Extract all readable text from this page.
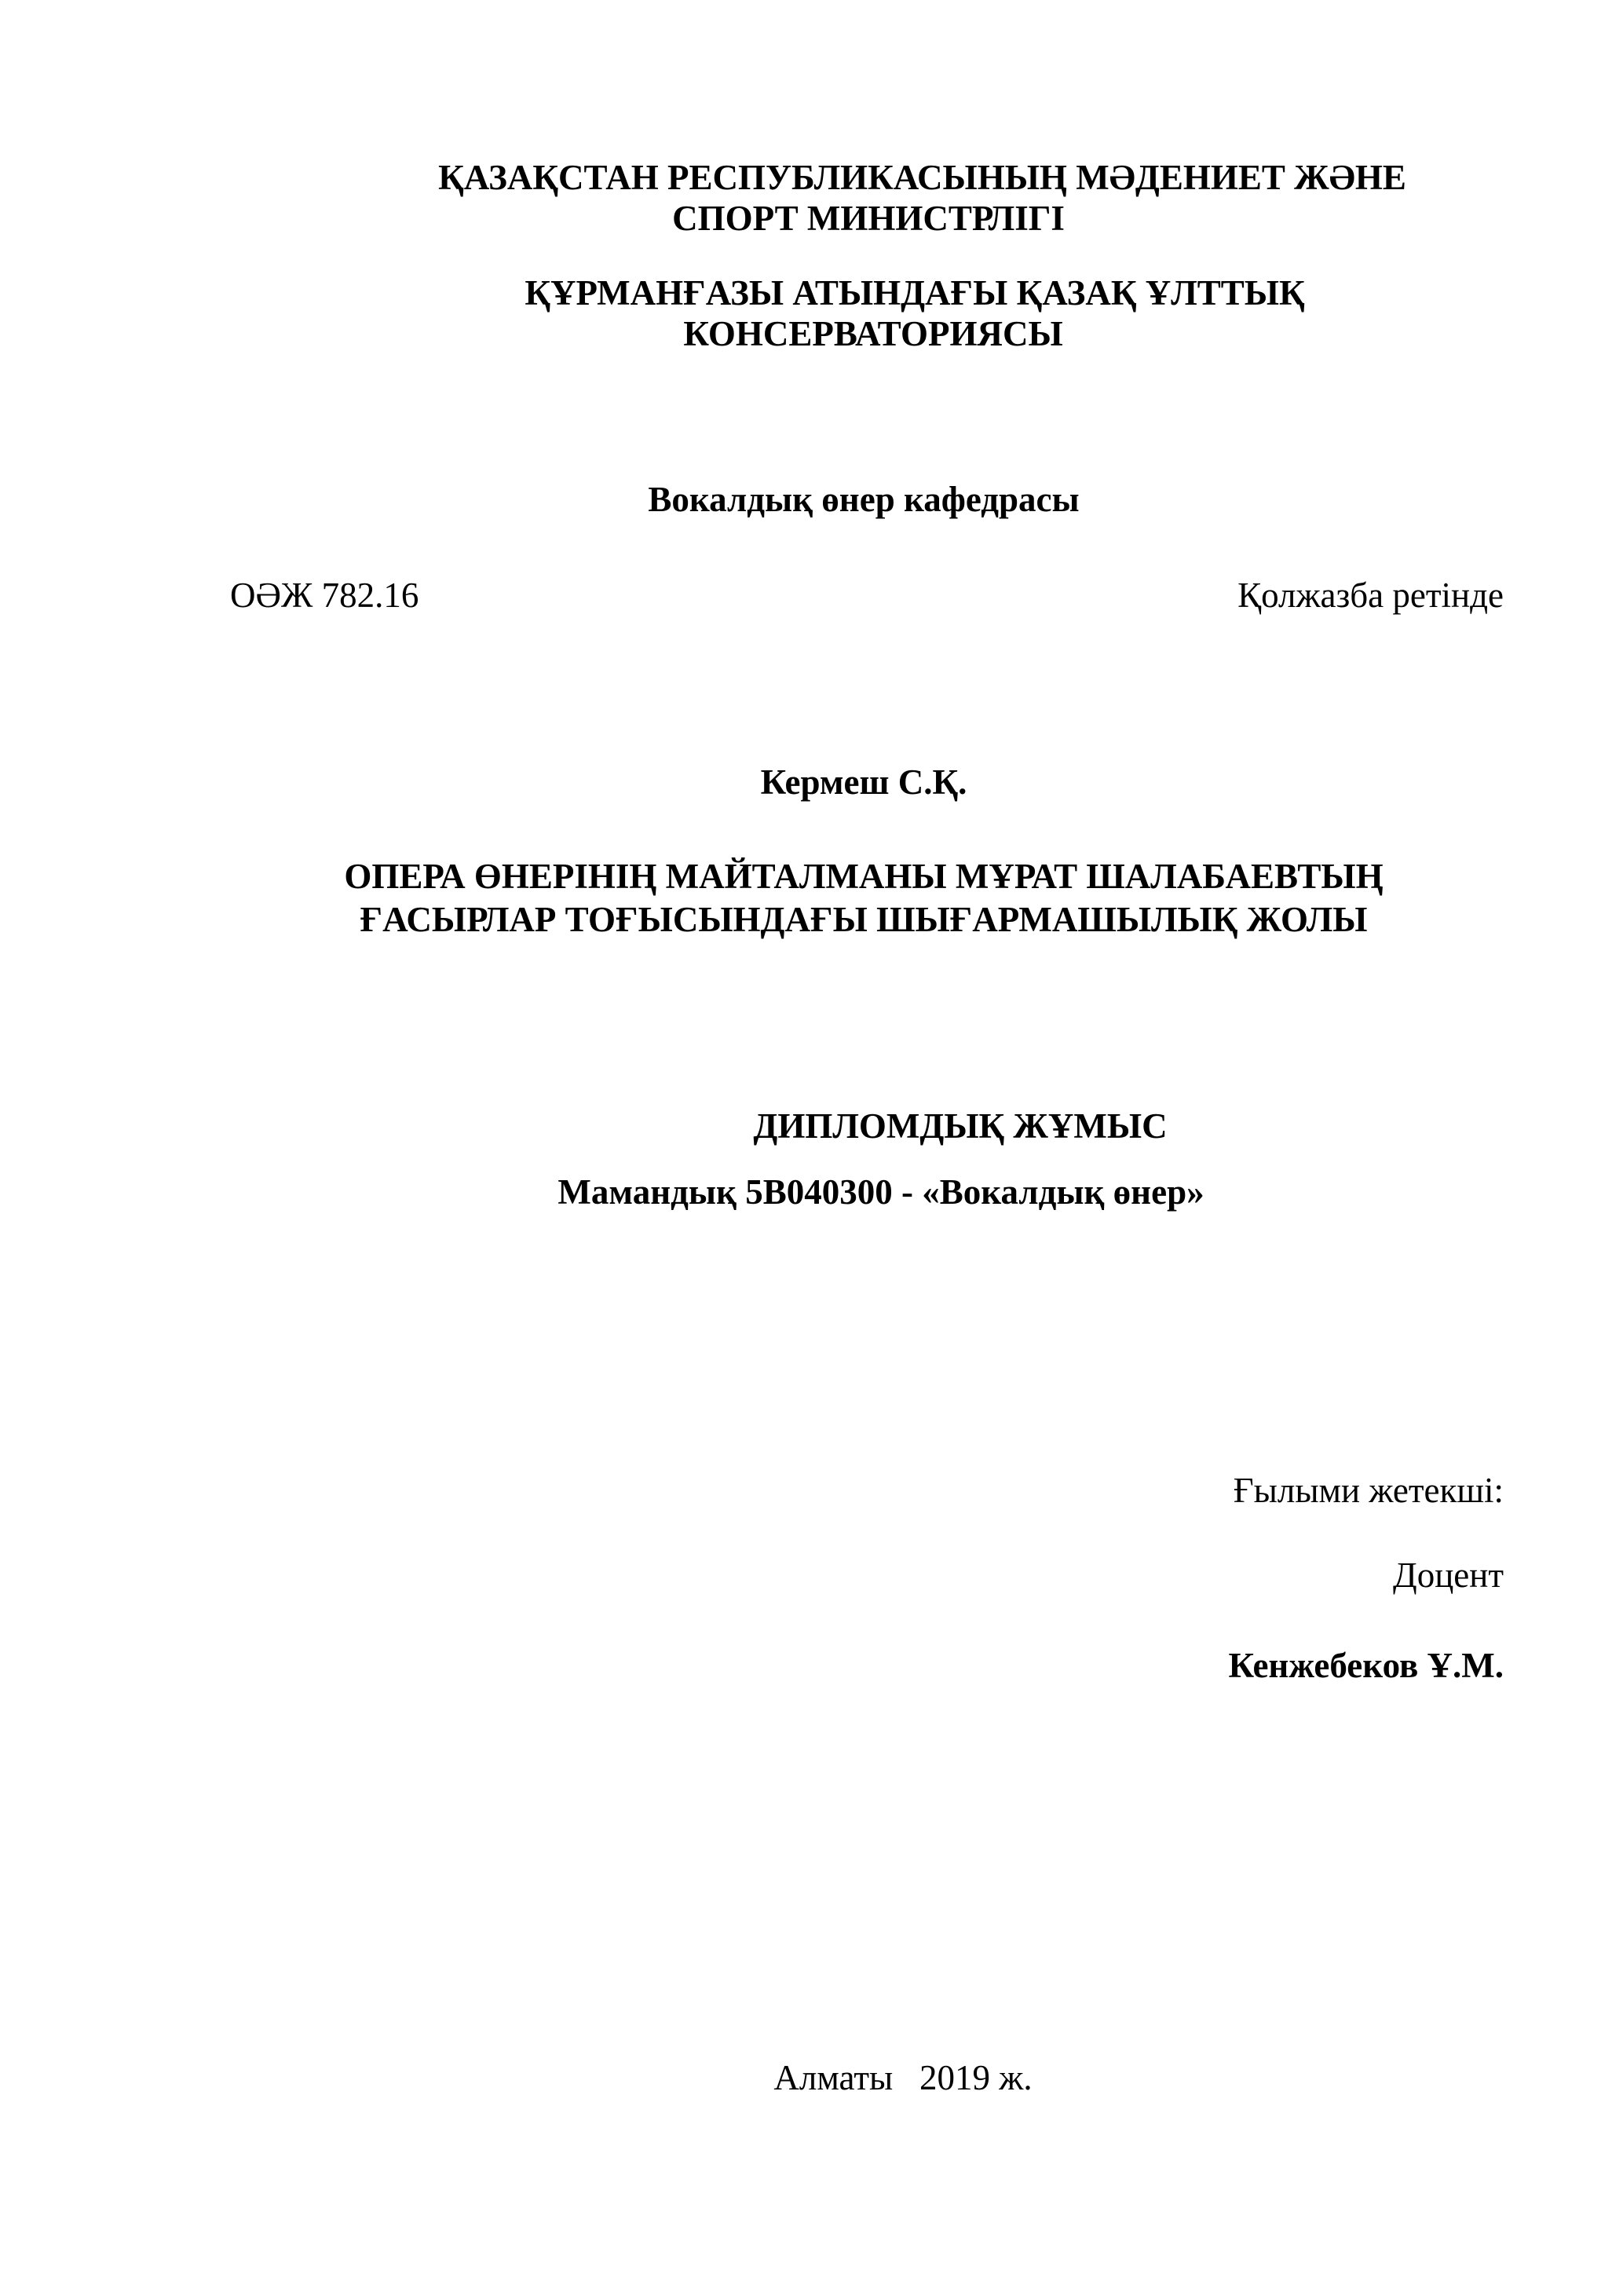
ҚАЗАҚСТАН РЕСПУБЛИКАСЫНЫҢ МӘДЕНИЕТ ЖӘНЕ
СПОРТ МИНИСТРЛІГІ
ҚҰРМАНҒАЗЫ АТЫНДАҒЫ ҚАЗАҚ ҰЛТТЫҚ
КОНСЕРВАТОРИЯСЫ
Вокалдық өнер кафедрасы
ОӘЖ 782.16	Қолжазба ретінде
Кермеш С.Қ.
ОПЕРА ӨНЕРІНІҢ МАЙТАЛМАНЫ МҰРАТ ШАЛАБАЕВТЫҢ
ҒАСЫРЛАР ТОҒЫСЫНДАҒЫ ШЫҒАРМАШЫЛЫҚ ЖОЛЫ
ДИПЛОМДЫҚ ЖҰМЫС
Мамандық 5В040300 - «Вокалдық өнер»
Ғылыми жетекші:
Доцент
Кенжебеков Ұ.М.
Алматы   2019 ж.
